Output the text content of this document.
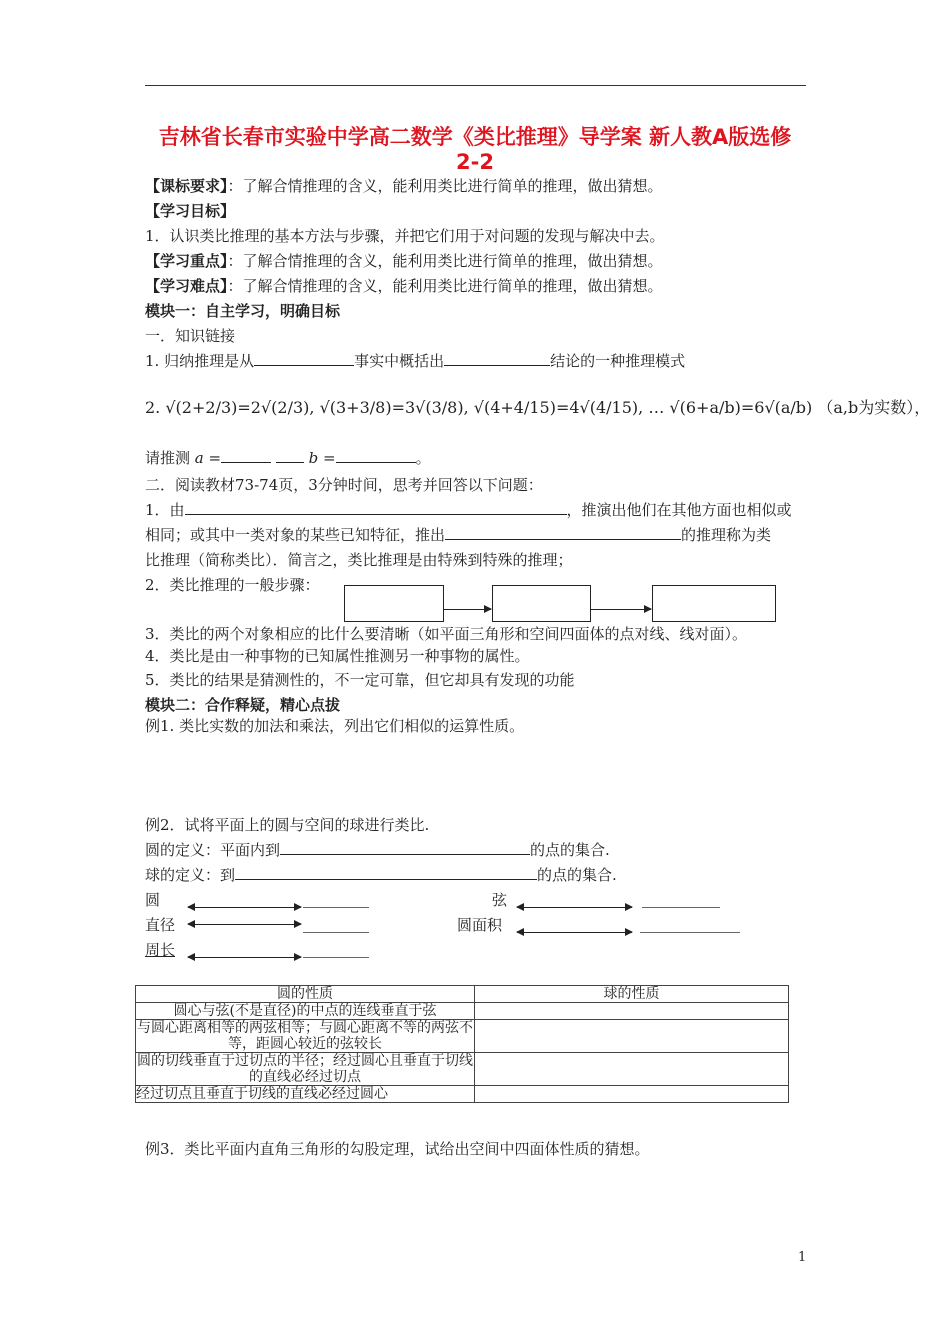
吉林省长春市实验中学高二数学《类比推理》导学案 新人教A版选修
2-2
【课标要求】：了解合情推理的含义，能利用类比进行简单的推理，做出猜想。
【学习目标】
1．认识类比推理的基本方法与步骤，并把它们用于对问题的发现与解决中去。
【学习重点】：了解合情推理的含义，能利用类比进行简单的推理，做出猜想。
【学习难点】：了解合情推理的含义，能利用类比进行简单的推理，做出猜想。
模块一：自主学习，明确目标
一．知识链接
1. 归纳推理是从	事实中概括出	结论的一种推理模式
2. √(2+2/3)=2√(2/3), √(3+3/8)=3√(3/8), √(4+4/15)=4√(4/15), … √(6+a/b)=6√(a/b) （a,b为实数），
请推测 a =	b =	。
二．阅读教材73-74页，3分钟时间，思考并回答以下问题：
1．由	，推演出他们在其他方面也相似或
相同；或其中一类对象的某些已知特征，推出	的推理称为类
比推理（简称类比）．简言之，类比推理是由特殊到特殊的推理；
2．类比推理的一般步骤：
3．类比的两个对象相应的比什么要清晰（如平面三角形和空间四面体的点对线、线对面）。
4．类比是由一种事物的已知属性推测另一种事物的属性。
5．类比的结果是猜测性的，不一定可靠，但它却具有发现的功能
模块二：合作释疑，精心点拔
例1. 类比实数的加法和乘法，列出它们相似的运算性质。
例2．试将平面上的圆与空间的球进行类比.
圆的定义：平面内到	的点的集合.
球的定义：到	的点的集合.
圆
直径
周长
弦
圆面积
圆的性质	球的性质
圆心与弦(不是直径)的中点的连线垂直于弦	
与圆心距离相等的两弦相等；与圆心距离不等的两弦不等，距圆心较近的弦较长	
圆的切线垂直于过切点的半径；经过圆心且垂直于切线的直线必经过切点	
经过切点且垂直于切线的直线必经过圆心	
例3．类比平面内直角三角形的勾股定理，试给出空间中四面体性质的猜想。
1
